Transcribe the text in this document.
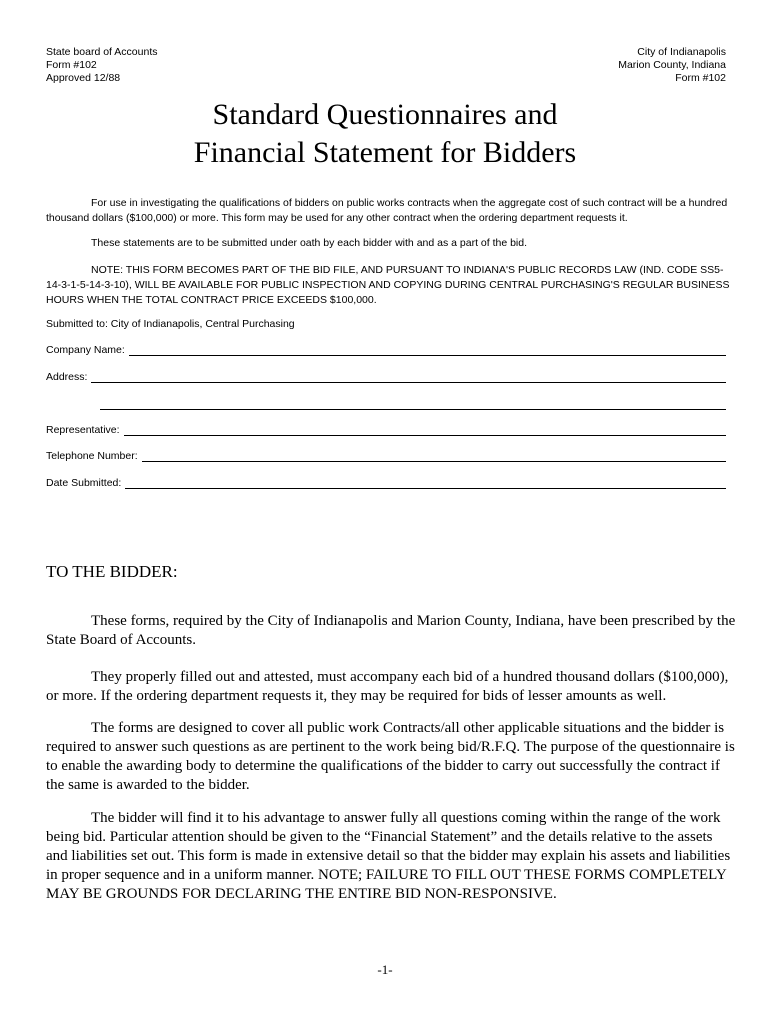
State board of Accounts
Form #102
Approved 12/88
City of Indianapolis
Marion County, Indiana
Form #102
Standard Questionnaires and
Financial Statement for Bidders
For use in investigating the qualifications of bidders on public works contracts when the aggregate cost of such contract will be a hundred thousand dollars ($100,000) or more. This form may be used for any other contract when the ordering department requests it.
These statements are to be submitted under oath by each bidder with and as a part of the bid.
NOTE: THIS FORM BECOMES PART OF THE BID FILE, AND PURSUANT TO INDIANA'S PUBLIC RECORDS LAW (IND. CODE SS5-14-3-1-5-14-3-10), WILL BE AVAILABLE FOR PUBLIC INSPECTION AND COPYING DURING CENTRAL PURCHASING'S REGULAR BUSINESS HOURS WHEN THE TOTAL CONTRACT PRICE EXCEEDS $100,000.
Submitted to: City of Indianapolis, Central Purchasing
Company Name:
Address:
Representative:
Telephone Number:
Date Submitted:
TO THE BIDDER:
These forms, required by the City of Indianapolis and Marion County, Indiana, have been prescribed by the State Board of Accounts.
They properly filled out and attested, must accompany each bid of a hundred thousand dollars ($100,000), or more. If the ordering department requests it, they may be required for bids of lesser amounts as well.
The forms are designed to cover all public work Contracts/all other applicable situations and the bidder is required to answer such questions as are pertinent to the work being bid/R.F.Q. The purpose of the questionnaire is to enable the awarding body to determine the qualifications of the bidder to carry out successfully the contract if the same is awarded to the bidder.
The bidder will find it to his advantage to answer fully all questions coming within the range of the work being bid. Particular attention should be given to the “Financial Statement” and the details relative to the assets and liabilities set out. This form is made in extensive detail so that the bidder may explain his assets and liabilities in proper sequence and in a uniform manner. NOTE; FAILURE TO FILL OUT THESE FORMS COMPLETELY MAY BE GROUNDS FOR DECLARING THE ENTIRE BID NON-RESPONSIVE.
-1-
